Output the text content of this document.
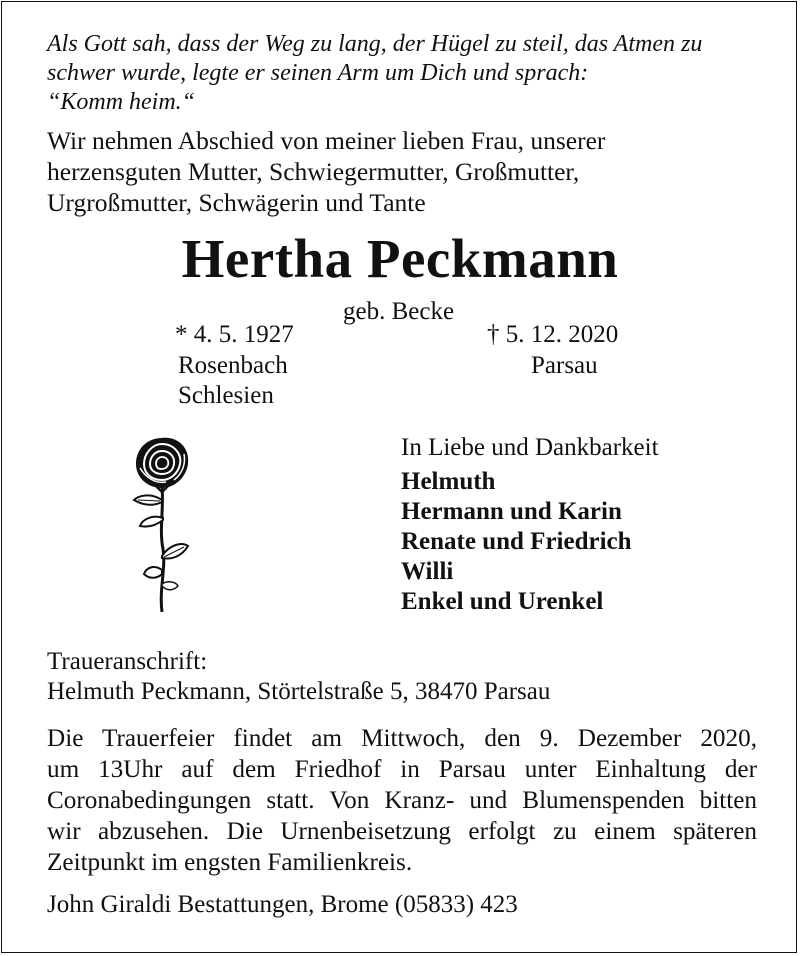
Als Gott sah, dass der Weg zu lang, der Hügel zu steil, das Atmen zu
schwer wurde, legte er seinen Arm um Dich und sprach:
“Komm heim.“
Wir nehmen Abschied von meiner lieben Frau, unserer
herzensguten Mutter, Schwiegermutter, Großmutter,
Urgroßmutter, Schwägerin und Tante
Hertha Peckmann
geb. Becke
* 4. 5. 1927	† 5. 12. 2020
Rosenbach
Schlesien
Parsau
In Liebe und Dankbarkeit
Helmuth
Hermann und Karin
Renate und Friedrich
Willi
Enkel und Urenkel
Traueranschrift:
Helmuth Peckmann, Störtelstraße 5, 38470 Parsau
Die Trauerfeier findet am Mittwoch, den 9. Dezember 2020,
um 13Uhr auf dem Friedhof in Parsau unter Einhaltung der
Coronabedingungen statt. Von Kranz- und Blumenspenden bitten
wir abzusehen. Die Urnenbeisetzung erfolgt zu einem späteren
Zeitpunkt im engsten Familienkreis.
John Giraldi Bestattungen, Brome (05833) 423
